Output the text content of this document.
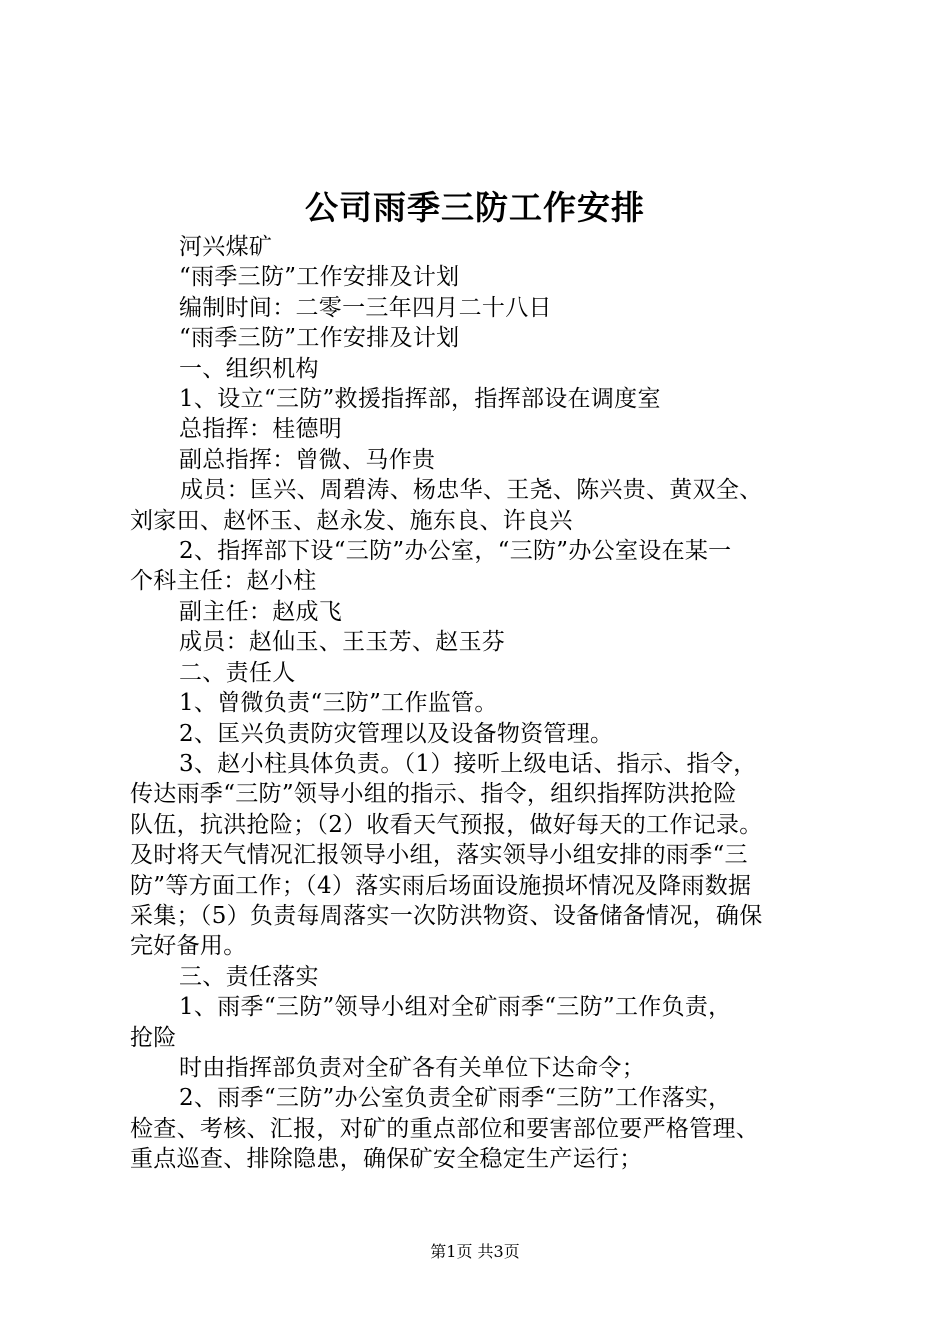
公司雨季三防工作安排
河兴煤矿
“雨季三防”工作安排及计划
编制时间：二零一三年四月二十八日
“雨季三防”工作安排及计划
一、组织机构
1、设立“三防”救援指挥部，指挥部设在调度室
总指挥：桂德明
副总指挥：曾微、马作贵
成员：匡兴、周碧涛、杨忠华、王尧、陈兴贵、黄双全、
刘家田、赵怀玉、赵永发、施东良、许良兴
2、指挥部下设“三防”办公室，“三防”办公室设在某一
个科主任：赵小柱
副主任：赵成飞
成员：赵仙玉、王玉芳、赵玉芬
二、责任人
1、曾微负责“三防”工作监管。
2、匡兴负责防灾管理以及设备物资管理。
3、赵小柱具体负责。（1）接听上级电话、指示、指令，
传达雨季“三防”领导小组的指示、指令，组织指挥防洪抢险
队伍，抗洪抢险；（2）收看天气预报，做好每天的工作记录。
及时将天气情况汇报领导小组，落实领导小组安排的雨季“三
防”等方面工作；（4）落实雨后场面设施损坏情况及降雨数据
采集；（5）负责每周落实一次防洪物资、设备储备情况，确保
完好备用。
三、责任落实
1、雨季“三防”领导小组对全矿雨季“三防”工作负责，
抢险
时由指挥部负责对全矿各有关单位下达命令；
2、雨季“三防”办公室负责全矿雨季“三防”工作落实，
检查、考核、汇报，对矿的重点部位和要害部位要严格管理、
重点巡查、排除隐患，确保矿安全稳定生产运行；
第1页 共3页
